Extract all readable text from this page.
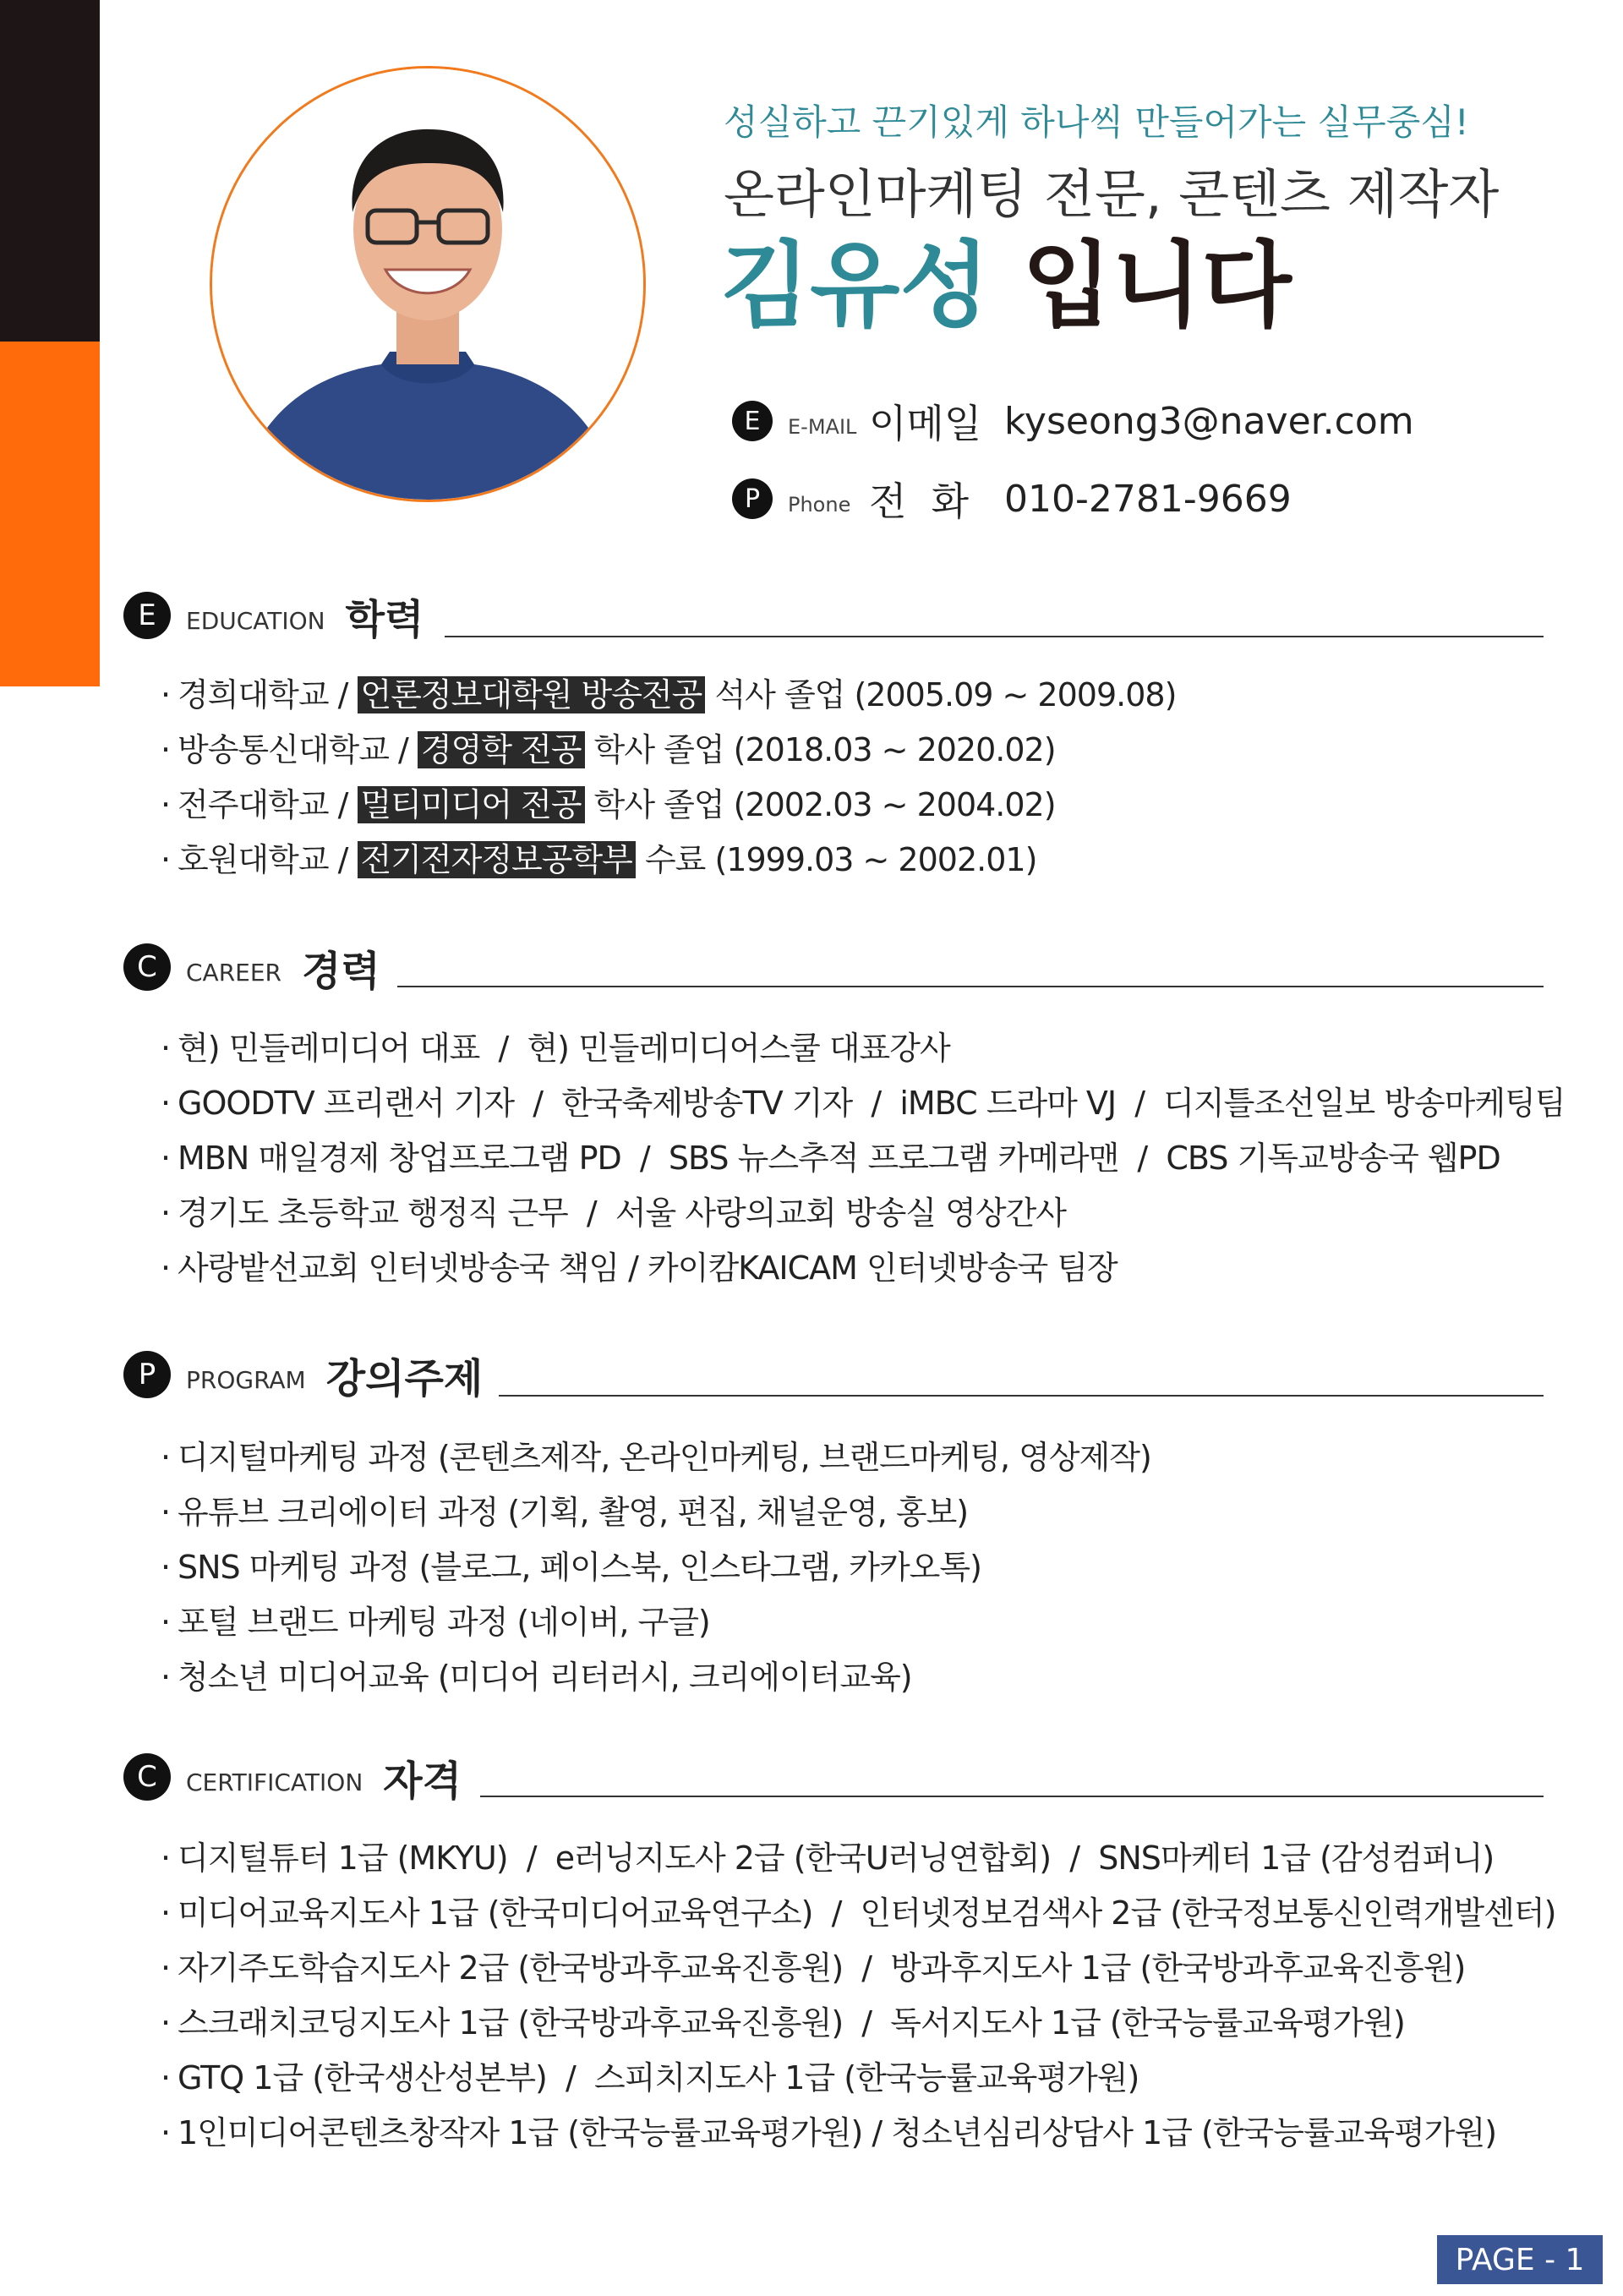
성실하고 끈기있게 하나씩 만들어가는 실무중심!
온라인마케팅 전문, 콘텐츠 제작자
김유성 입니다
E	E-MAIL 이메일 kyseong3@naver.com
P	Phone 전  화 010-2781-9669
E	EDUCATION 학력
· 경희대학교 / 언론정보대학원 방송전공 석사 졸업 (2005.09 ~ 2009.08)
· 방송통신대학교 / 경영학 전공 학사 졸업 (2018.03 ~ 2020.02)
· 전주대학교 / 멀티미디어 전공 학사 졸업 (2002.03 ~ 2004.02)
· 호원대학교 / 전기전자정보공학부 수료 (1999.03 ~ 2002.01)
C	CAREER 경력
· 현) 민들레미디어 대표  /  현) 민들레미디어스쿨 대표강사
· GOODTV 프리랜서 기자  /  한국축제방송TV 기자  /  iMBC 드라마 VJ  /  디지틀조선일보 방송마케팅팀
· MBN 매일경제 창업프로그램 PD  /  SBS 뉴스추적 프로그램 카메라맨  /  CBS 기독교방송국 웹PD
· 경기도 초등학교 행정직 근무  /  서울 사랑의교회 방송실 영상간사
· 사랑밭선교회 인터넷방송국 책임 / 카이캄KAICAM 인터넷방송국 팀장
P	PROGRAM 강의주제
· 디지털마케팅 과정 (콘텐츠제작, 온라인마케팅, 브랜드마케팅, 영상제작)
· 유튜브 크리에이터 과정 (기획, 촬영, 편집, 채널운영, 홍보)
· SNS 마케팅 과정 (블로그, 페이스북, 인스타그램, 카카오톡)
· 포털 브랜드 마케팅 과정 (네이버, 구글)
· 청소년 미디어교육 (미디어 리터러시, 크리에이터교육)
C	CERTIFICATION 자격
· 디지털튜터 1급 (MKYU)  /  e러닝지도사 2급 (한국U러닝연합회)  /  SNS마케터 1급 (감성컴퍼니)
· 미디어교육지도사 1급 (한국미디어교육연구소)  /  인터넷정보검색사 2급 (한국정보통신인력개발센터)
· 자기주도학습지도사 2급 (한국방과후교육진흥원)  /  방과후지도사 1급 (한국방과후교육진흥원)
· 스크래치코딩지도사 1급 (한국방과후교육진흥원)  /  독서지도사 1급 (한국능률교육평가원)
· GTQ 1급 (한국생산성본부)  /  스피치지도사 1급 (한국능률교육평가원)
· 1인미디어콘텐츠창작자 1급 (한국능률교육평가원) / 청소년심리상담사 1급 (한국능률교육평가원)
PAGE - 1
